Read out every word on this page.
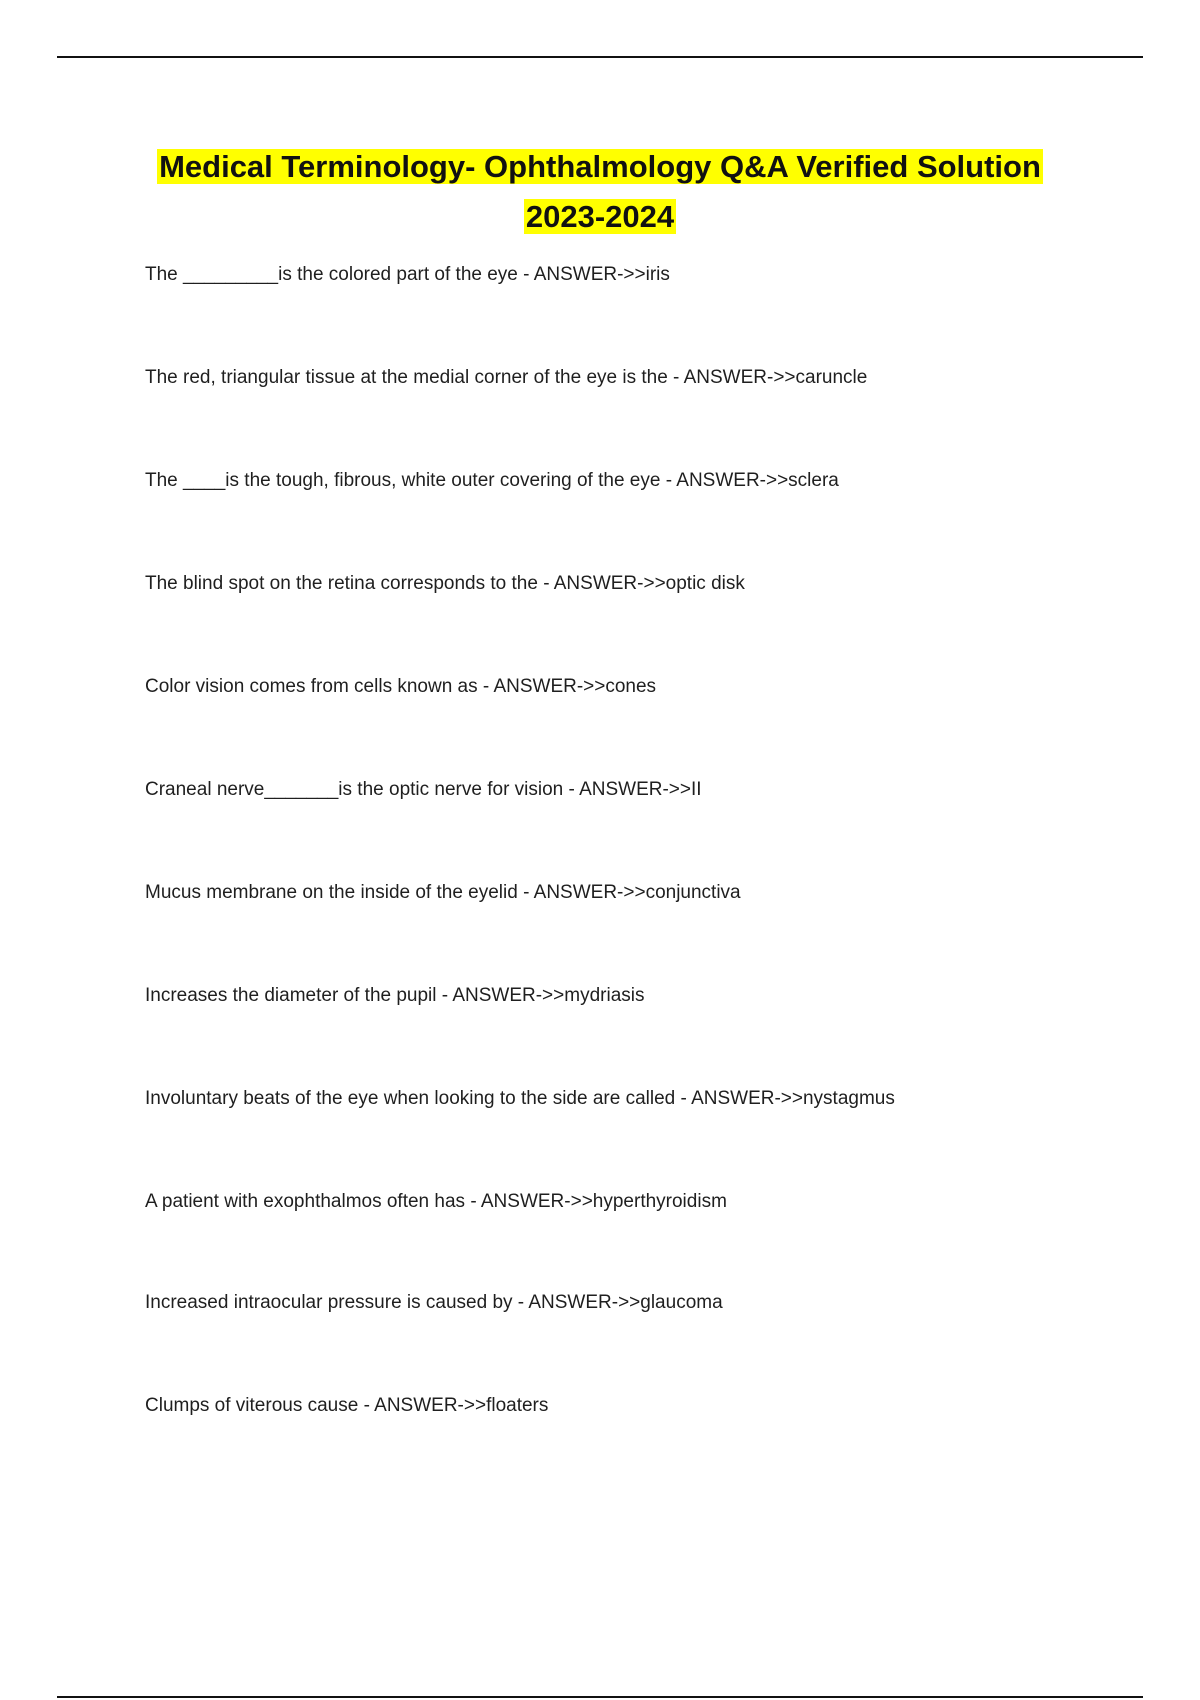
Medical Terminology- Ophthalmology Q&A Verified Solution
2023-2024
The _________is the colored part of the eye - ANSWER->>iris
The red, triangular tissue at the medial corner of the eye is the - ANSWER->>caruncle
The ____is the tough, fibrous, white outer covering of the eye - ANSWER->>sclera
The blind spot on the retina corresponds to the - ANSWER->>optic disk
Color vision comes from cells known as - ANSWER->>cones
Craneal nerve_______is the optic nerve for vision - ANSWER->>II
Mucus membrane on the inside of the eyelid - ANSWER->>conjunctiva
Increases the diameter of the pupil - ANSWER->>mydriasis
Involuntary beats of the eye when looking to the side are called - ANSWER->>nystagmus
A patient with exophthalmos often has - ANSWER->>hyperthyroidism
Increased intraocular pressure is caused by - ANSWER->>glaucoma
Clumps of viterous cause - ANSWER->>floaters
